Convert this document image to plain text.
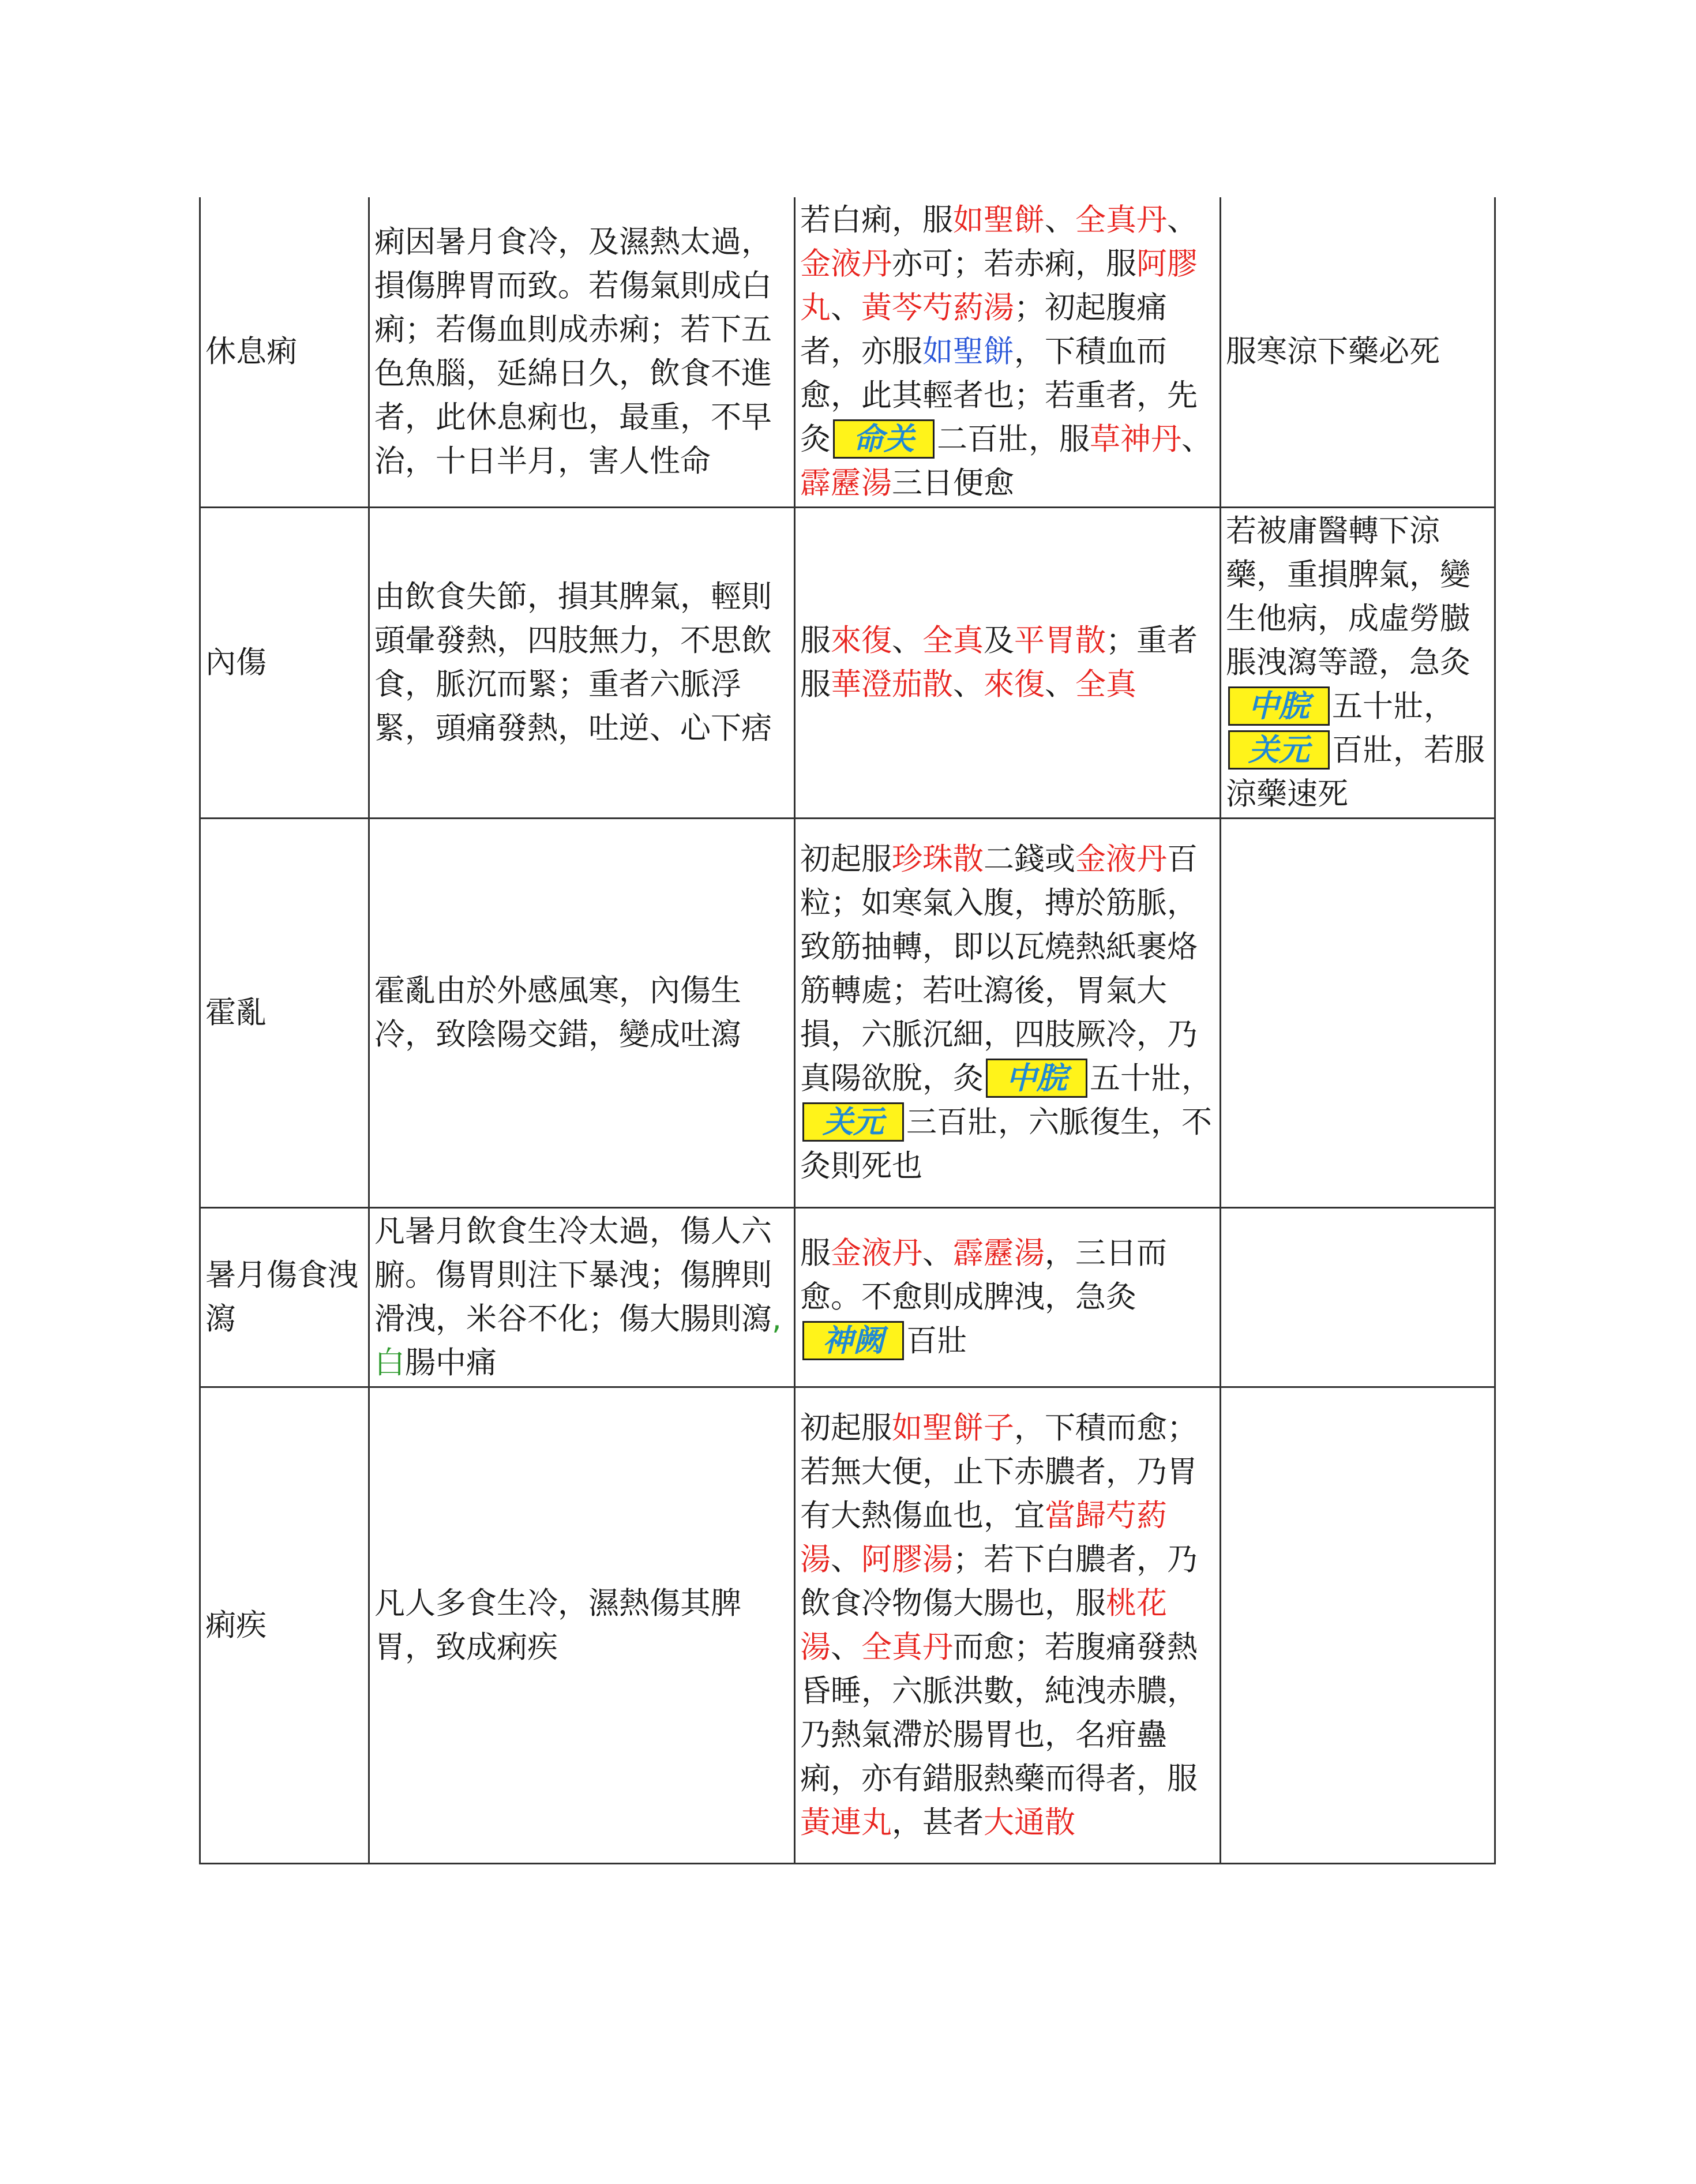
休息痢	痢因暑月食冷，及濕熱太過，損傷脾胃而致。若傷氣則成白痢；若傷血則成赤痢；若下五色魚腦，延綿日久，飲食不進者，此休息痢也，最重，不早治，十日半月，害人性命	若白痢，服如聖餅、全真丹、金液丹亦可；若赤痢，服阿膠丸、黃芩芍葯湯；初起腹痛者，亦服如聖餅，下積血而愈，此其輕者也；若重者，先灸 命关 二百壯，服草神丹、霹靂湯三日便愈	服寒涼下藥必死
內傷	由飲食失節，損其脾氣，輕則頭暈發熱，四肢無力，不思飲食，脈沉而緊；重者六脈浮緊，頭痛發熱，吐逆、心下痞	服來復、全真及平胃散；重者服華澄茄散、來復、全真	若被庸醫轉下涼藥，重損脾氣，變生他病，成虛勞臌脹洩瀉等證，急灸中脘 五十壯，关元 百壯，若服涼藥速死
霍亂	霍亂由於外感風寒，內傷生冷，致陰陽交錯，變成吐瀉	初起服珍珠散二錢或金液丹百粒；如寒氣入腹，搏於筋脈，致筋抽轉，即以瓦燒熱紙裹烙筋轉處；若吐瀉後，胃氣大損，六脈沉細，四肢厥冷，乃真陽欲脫，灸 中脘 五十壯，关元 三百壯，六脈復生，不灸則死也	
暑月傷食洩瀉	凡暑月飲食生冷太過，傷人六腑。傷胃則注下暴洩；傷脾則滑洩，米谷不化；傷大腸則瀉, 白腸中痛	服金液丹、霹靂湯，三日而愈。不愈則成脾洩，急灸神阙 百壯	
痢疾	凡人多食生冷，濕熱傷其脾胃，致成痢疾	初起服如聖餅子，下積而愈；若無大便，止下赤膿者，乃胃有大熱傷血也，宜當歸芍葯湯、阿膠湯；若下白膿者，乃飲食冷物傷大腸也，服桃花湯、全真丹而愈；若腹痛發熱昏睡，六脈洪數，純洩赤膿，乃熱氣滯於腸胃也，名疳蠱痢，亦有錯服熱藥而得者，服黃連丸，甚者大通散	
